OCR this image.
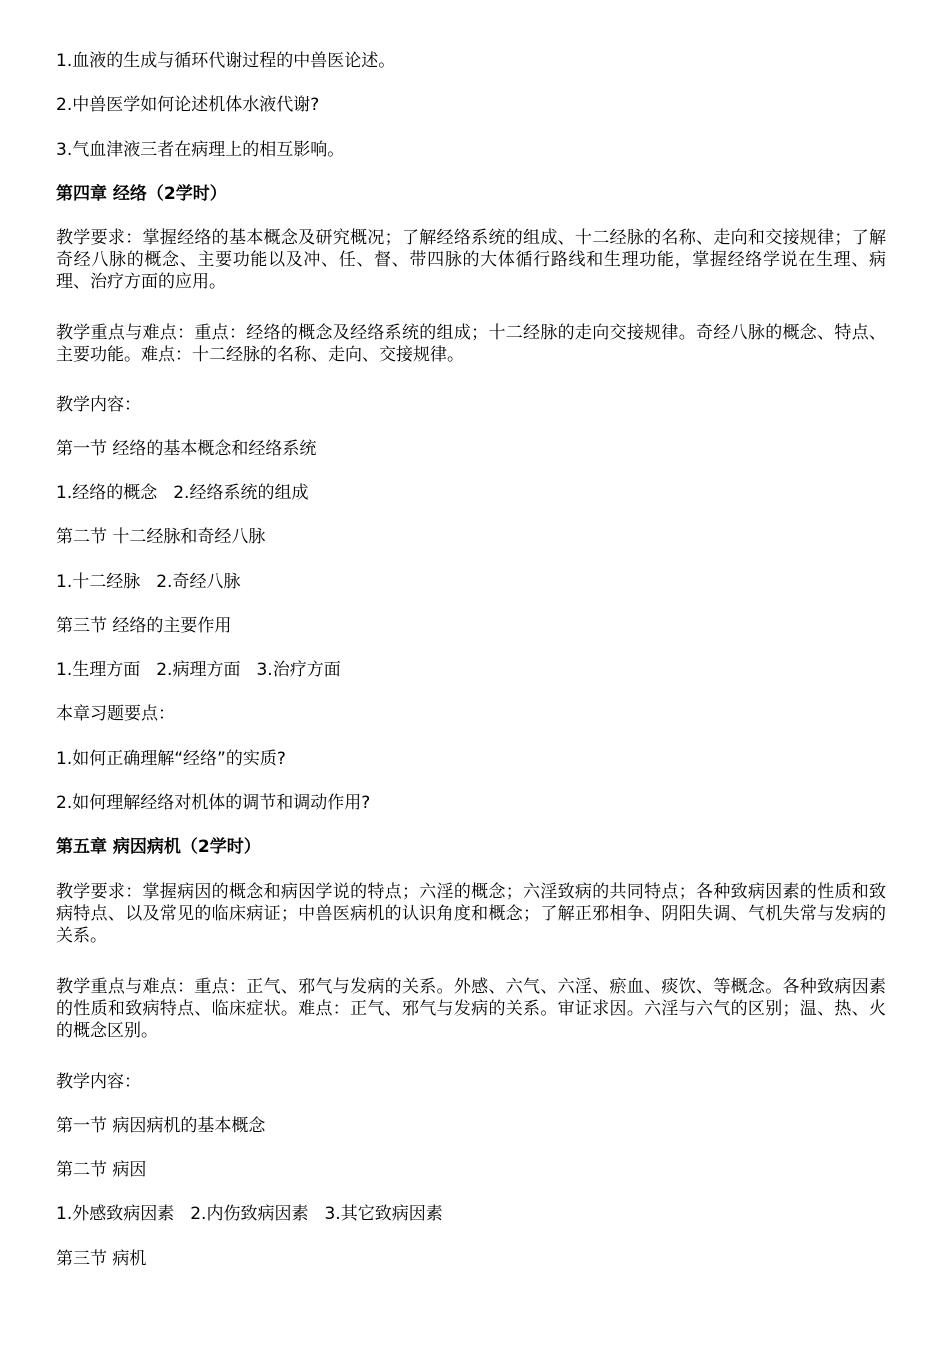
1.血液的生成与循环代谢过程的中兽医论述。
2.中兽医学如何论述机体水液代谢?
3.气血津液三者在病理上的相互影响。
第四章 经络（2学时）
教学要求：掌握经络的基本概念及研究概况；了解经络系统的组成、十二经脉的名称、走向和交接规律；了解奇经八脉的概念、主要功能以及冲、任、督、带四脉的大体循行路线和生理功能，掌握经络学说在生理、病理、治疗方面的应用。
教学重点与难点：重点：经络的概念及经络系统的组成；十二经脉的走向交接规律。奇经八脉的概念、特点、主要功能。难点：十二经脉的名称、走向、交接规律。
教学内容：
第一节 经络的基本概念和经络系统
1.经络的概念 2.经络系统的组成
第二节 十二经脉和奇经八脉
1.十二经脉 2.奇经八脉
第三节 经络的主要作用
1.生理方面 2.病理方面 3.治疗方面
本章习题要点：
1.如何正确理解“经络”的实质?
2.如何理解经络对机体的调节和调动作用?
第五章 病因病机（2学时）
教学要求：掌握病因的概念和病因学说的特点；六淫的概念；六淫致病的共同特点；各种致病因素的性质和致病特点、以及常见的临床病证；中兽医病机的认识角度和概念；了解正邪相争、阴阳失调、气机失常与发病的关系。
教学重点与难点：重点：正气、邪气与发病的关系。外感、六气、六淫、瘀血、痰饮、等概念。各种致病因素的性质和致病特点、临床症状。难点：正气、邪气与发病的关系。审证求因。六淫与六气的区别；温、热、火的概念区别。
教学内容：
第一节 病因病机的基本概念
第二节 病因
1.外感致病因素 2.内伤致病因素 3.其它致病因素
第三节 病机
